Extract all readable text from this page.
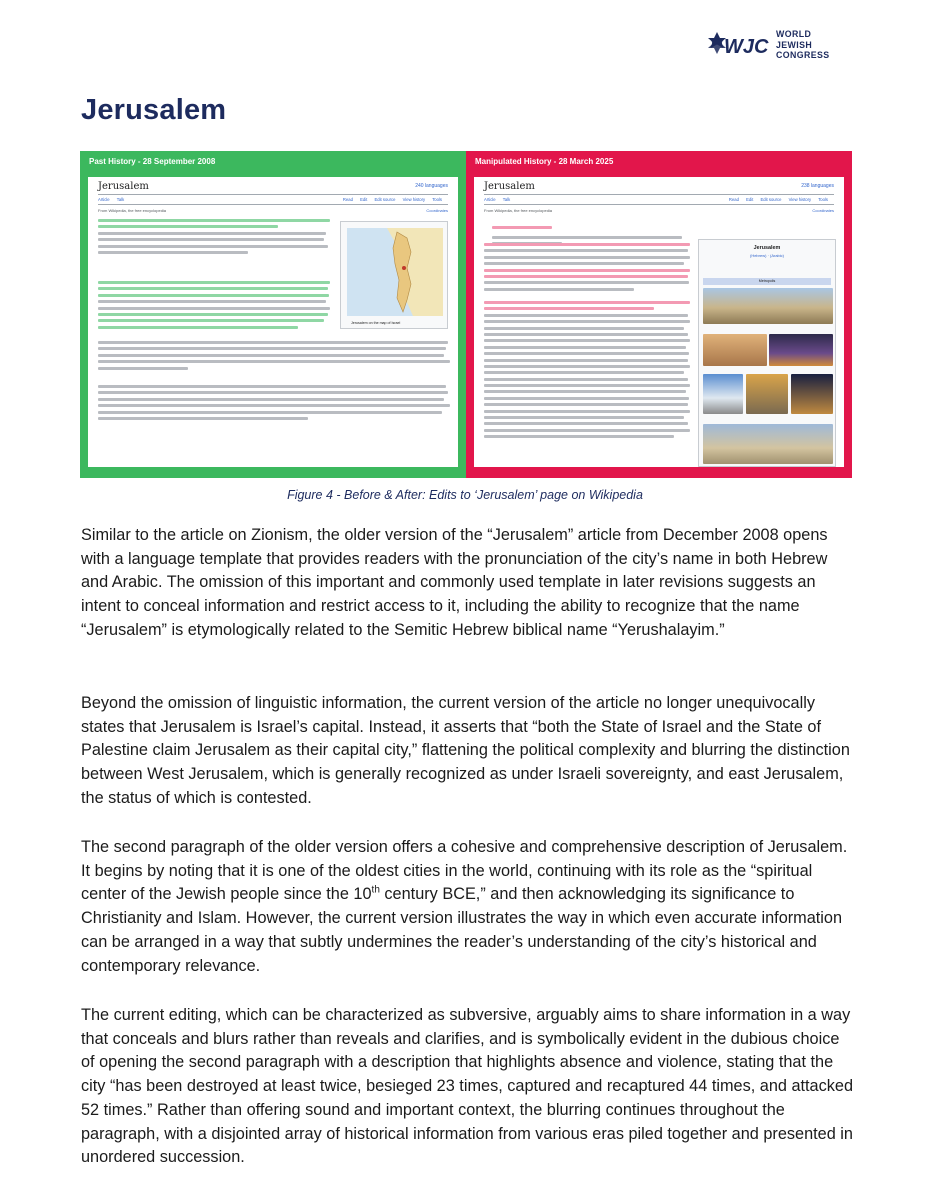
WJC
WORLD
JEWISH
CONGRESS
Jerusalem
Past History - 28 September 2008
Jerusalem	240 languages
Article Talk	Read Edit Edit source View history Tools
From Wikipedia, the free encyclopedia	Coordinates
Jerusalem on the map of Israel
Manipulated History - 28 March 2025
Jerusalem	238 languages
Article Talk	Read Edit Edit source View history Tools
From Wikipedia, the free encyclopedia	Coordinates
Jerusalem
(Hebrew) · (Arabic)
Metropolis
Figure 4 - Before & After: Edits to ‘Jerusalem’ page on Wikipedia

Similar to the article on Zionism, the older version of the “Jerusalem” article from December 2008 opens with a language template that provides readers with the pronunciation of the city’s name in both Hebrew and Arabic. The omission of this important and commonly used template in later revisions suggests an intent to conceal information and restrict access to it, including the ability to recognize that the name “Jerusalem” is etymologically related to the Semitic Hebrew biblical name “Yerushalayim.”

Beyond the omission of linguistic information, the current version of the article no longer unequivocally states that Jerusalem is Israel’s capital. Instead, it asserts that “both the State of Israel and the State of Palestine claim Jerusalem as their capital city,” flattening the political complexity and blurring the distinction between West Jerusalem, which is generally recognized as under Israeli sovereignty, and east Jerusalem, the status of which is contested.

The second paragraph of the older version offers a cohesive and comprehensive description of Jerusalem. It begins by noting that it is one of the oldest cities in the world, continuing with its role as the “spiritual center of the Jewish people since the 10th century BCE,” and then acknowledging its significance to Christianity and Islam. However, the current version illustrates the way in which even accurate information can be arranged in a way that subtly undermines the reader’s understanding of the city’s historical and contemporary relevance.

The current editing, which can be characterized as subversive, arguably aims to share information in a way that conceals and blurs rather than reveals and clarifies, and is symbolically evident in the dubious choice of opening the second paragraph with a description that highlights absence and violence, stating that the city “has been destroyed at least twice, besieged 23 times, captured and recaptured 44 times, and attacked 52 times.” Rather than offering sound and important context, the blurring continues throughout the paragraph, with a disjointed array of historical information from various eras piled together and presented in unordered succession.
